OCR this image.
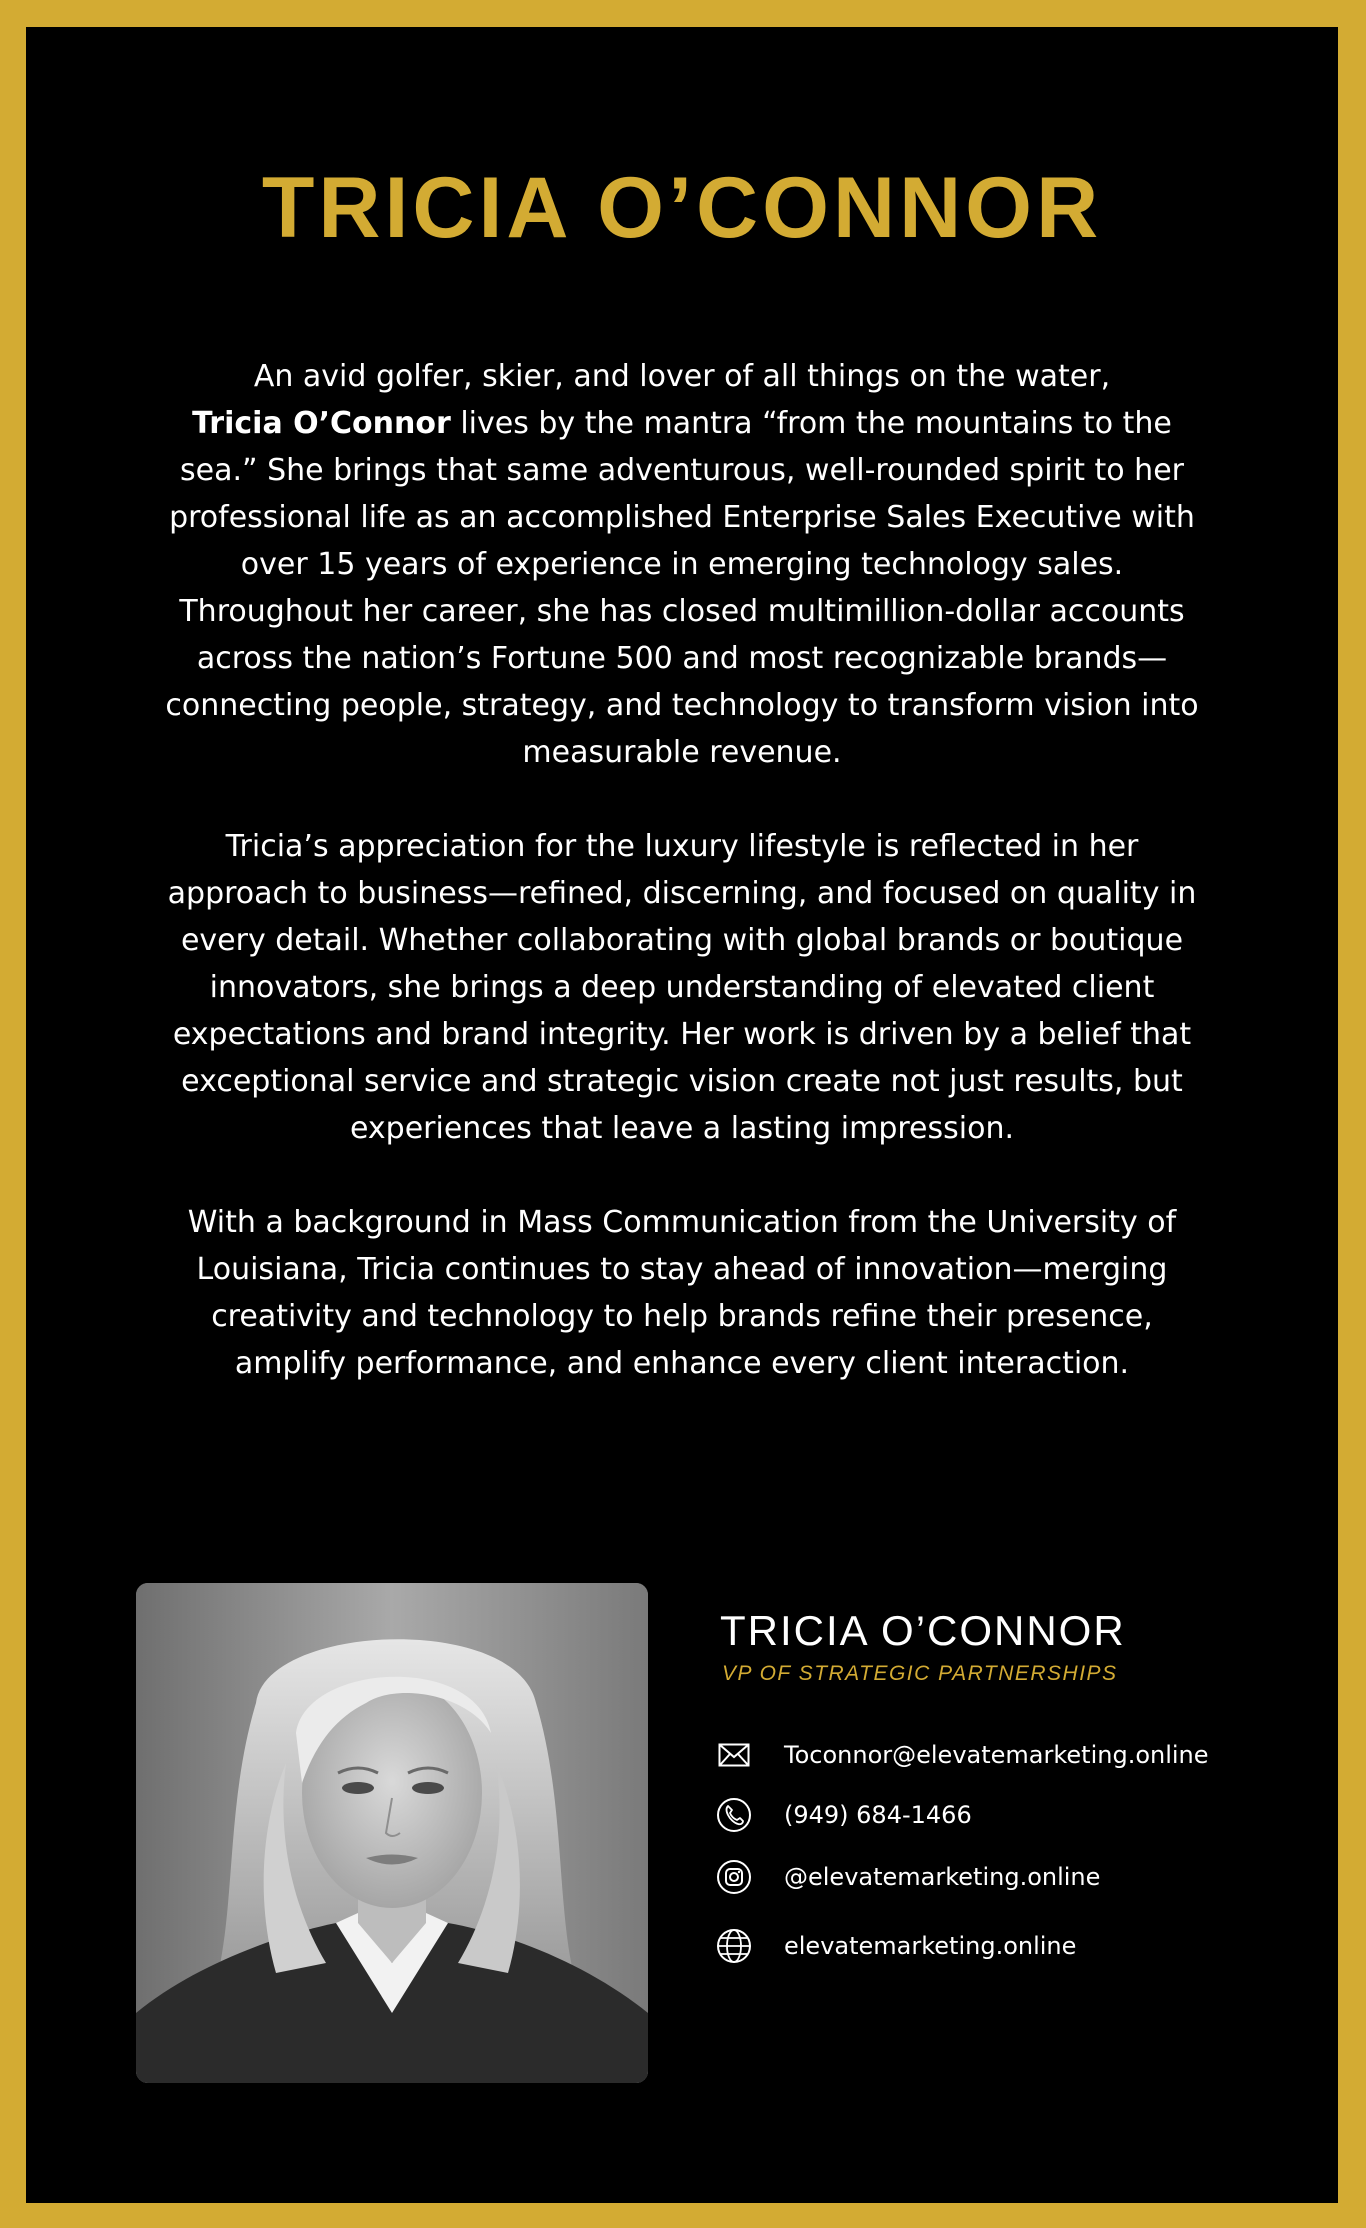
TRICIA O’CONNOR

An avid golfer, skier, and lover of all things on the water,
Tricia O’Connor lives by the mantra “from the mountains to the sea.” She brings that same adventurous, well-rounded spirit to her professional life as an accomplished Enterprise Sales Executive with over 15 years of experience in emerging technology sales. Throughout her career, she has closed multimillion-dollar accounts across the nation’s Fortune 500 and most recognizable brands—connecting people, strategy, and technology to transform vision into measurable revenue.

Tricia’s appreciation for the luxury lifestyle is reflected in her approach to business—refined, discerning, and focused on quality in every detail. Whether collaborating with global brands or boutique innovators, she brings a deep understanding of elevated client expectations and brand integrity. Her work is driven by a belief that exceptional service and strategic vision create not just results, but experiences that leave a lasting impression.

With a background in Mass Communication from the University of Louisiana, Tricia continues to stay ahead of innovation—merging creativity and technology to help brands refine their presence, amplify performance, and enhance every client interaction.

TRICIA O’CONNOR
VP OF STRATEGIC PARTNERSHIPS
Toconnor@elevatemarketing.online
(949) 684-1466
@elevatemarketing.online
elevatemarketing.online
